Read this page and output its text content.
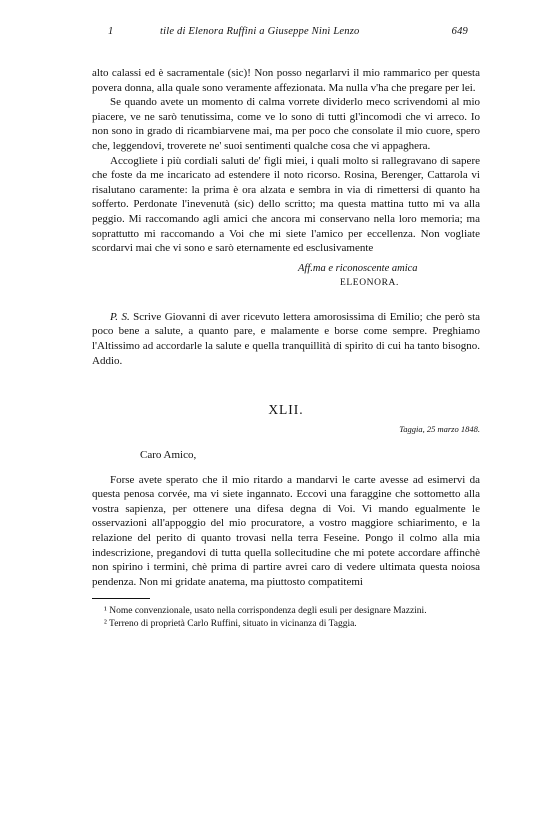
1	tile di Elenora Ruffini a Giuseppe Ninì Lenzo	649

alto calassi ed è sacramentale (sic)! Non posso negarlarvi il mio rammarico per questa povera donna, alla quale sono veramente affezionata. Ma nulla v'ha che pregare per lei.

Se quando avete un momento di calma vorrete dividerlo meco scrivendomi al mio piacere, ve ne sarò tenutissima, come ve lo sono di tutti gl'incomodi che vi arreco. Io non sono in grado di ricambiarvene mai, ma per poco che consolate il mio cuore, spero che, leggendovi, troverete ne' suoi sentimenti qualche cosa che vi appaghera.

Accogliete i più cordiali saluti de' figli miei, i quali molto si rallegravano di sapere che foste da me incaricato ad estendere il noto ricorso. Rosina, Berenger, Cattarola vi risalutano caramente: la prima è ora alzata e sembra in via di rimettersi di quanto ha sofferto. Perdonate l'inevenutà (sic) dello scritto; ma questa mattina tutto mi va alla peggio. Mi raccomando agli amici che ancora mi conservano nella loro memoria; ma soprattutto mi raccomando a Voi che mi siete l'amico per eccellenza. Non vogliate scordarvi mai che vi sono e sarò eternamente ed esclusivamente

Aff.ma e riconoscente amica
ELEONORA.

P. S. Scrive Giovanni di aver ricevuto lettera amorosissima di Emilio; che però sta poco bene a salute, a quanto pare, e malamente e borse come sempre. Preghiamo l'Altissimo ad accordarle la salute e quella tranquillità di spirito di cui ha tanto bisogno. Addio.

XLII.
Taggia, 25 marzo 1848.
Caro Amico,

Forse avete sperato che il mio ritardo a mandarvi le carte avesse ad esimervi da questa penosa corvée, ma vi siete ingannato. Eccovi una faraggine che sottometto alla vostra sapienza, per ottenere una difesa degna di Voi. Vi mando egualmente le osservazioni all'appoggio del mio procuratore, a vostro maggiore schiarimento, e la relazione del perito di quanto trovasi nella terra Feseine. Pongo il colmo alla mia indescrizione, pregandovi di tutta quella sollecitudine che mi potete accordare affinchè non spirino i termini, chè prima di partire avrei caro di vedere ultimata questa noiosa pendenza. Non mi gridate anatema, ma piuttosto compatitemi

¹ Nome convenzionale, usato nella corrispondenza degli esuli per designare Mazzini.

² Terreno di proprietà Carlo Ruffini, situato in vicinanza di Taggia.
